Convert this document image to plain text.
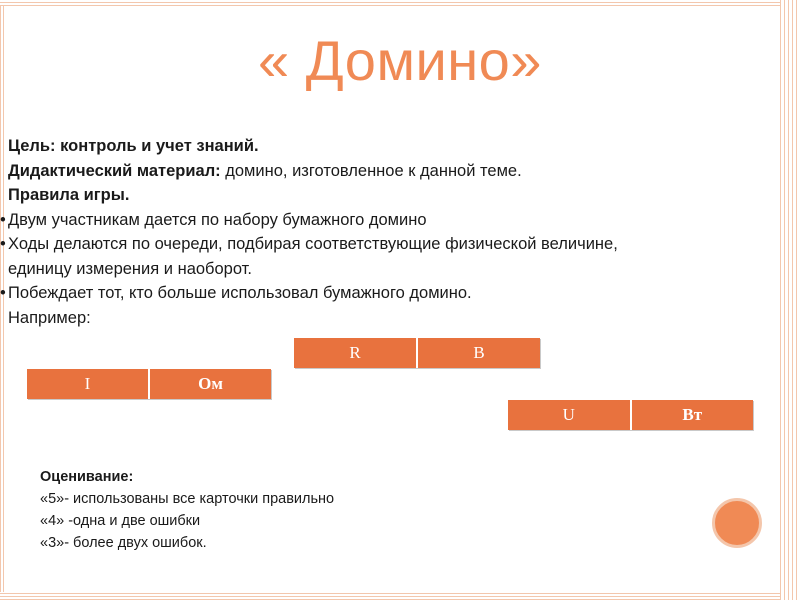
« Домино»
Цель: контроль и учет знаний.
Дидактический материал: домино, изготовленное к данной теме.
Правила игры.
• Двум участникам дается по набору бумажного домино
• Ходы делаются по очереди, подбирая соответствующие физической величине,
единицу измерения и наоборот.
• Побеждает тот, кто больше использовал бумажного домино.
Например:
I	Ом
R	В
U	Вт
Оценивание:
«5»- использованы все карточки правильно
«4» -одна и две ошибки
«3»- более двух ошибок.
